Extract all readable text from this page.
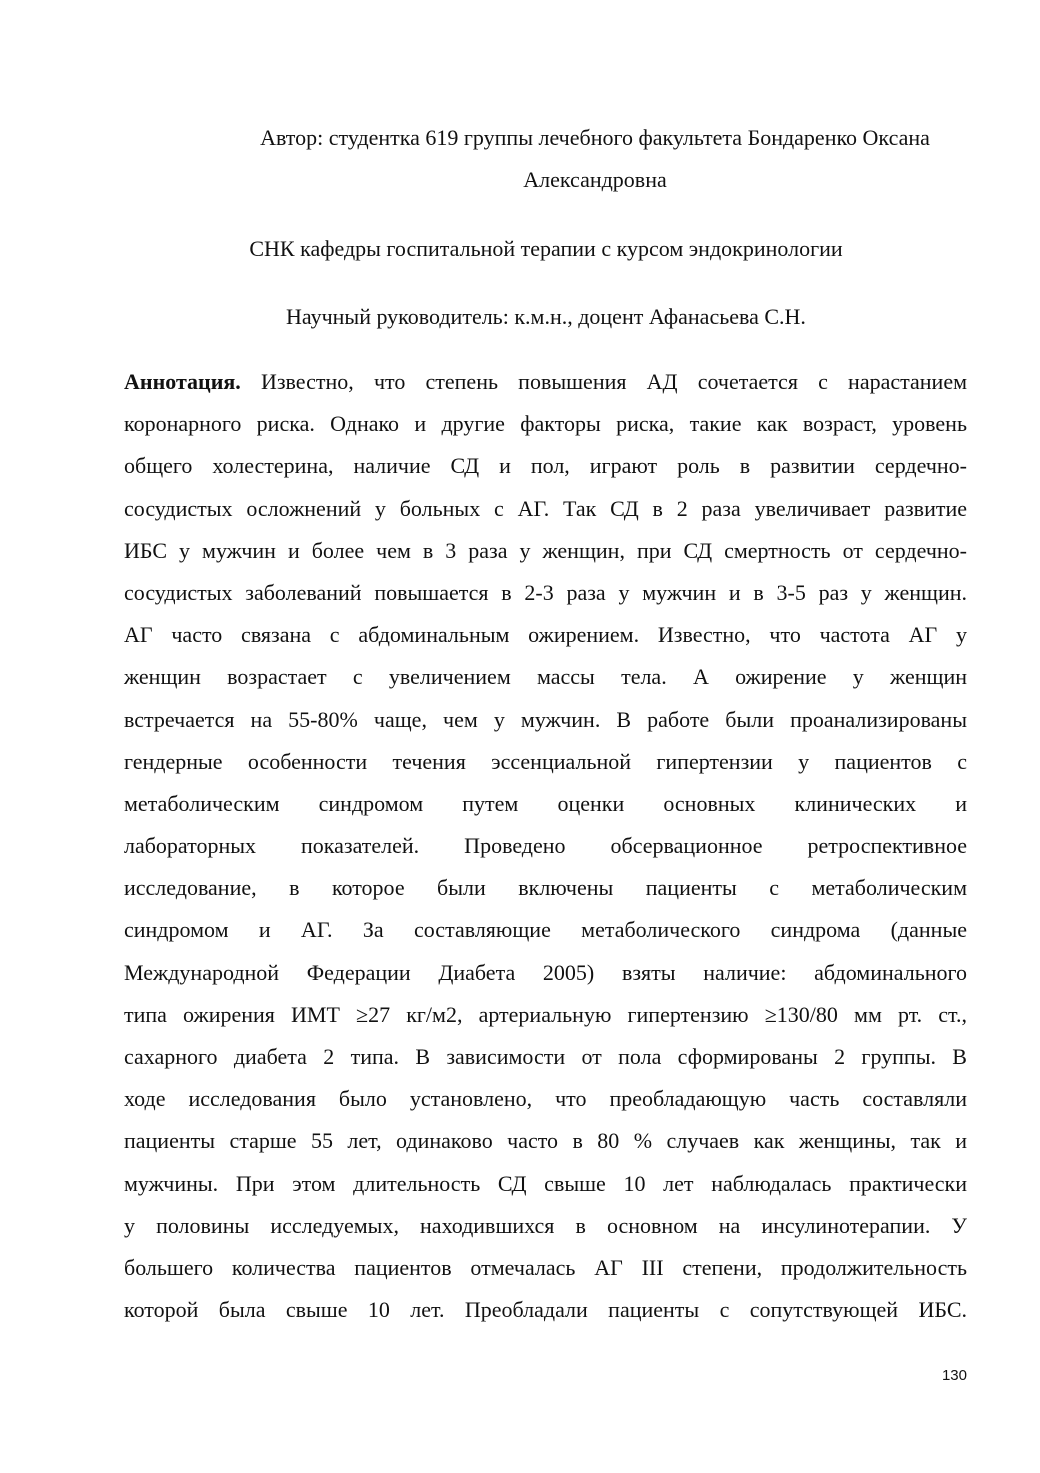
Автор: студентка 619 группы лечебного факультета Бондаренко Оксана
Александровна
СНК кафедры госпитальной терапии с курсом эндокринологии
Научный руководитель: к.м.н., доцент Афанасьева С.Н.
Аннотация. Известно, что степень повышения АД сочетается с нарастанием
коронарного риска. Однако и другие факторы риска, такие как возраст, уровень
общего холестерина, наличие СД и пол, играют роль в развитии сердечно-
сосудистых осложнений у больных с АГ. Так СД в 2 раза увеличивает развитие
ИБС у мужчин и более чем в 3 раза у женщин, при СД смертность от сердечно-
сосудистых заболеваний повышается в 2-3 раза у мужчин и в 3-5 раз у женщин.
АГ часто связана с абдоминальным ожирением. Известно, что частота АГ у
женщин возрастает с увеличением массы тела. А ожирение у женщин
встречается на 55-80% чаще, чем у мужчин. В работе были проанализированы
гендерные особенности течения эссенциальной гипертензии у пациентов с
метаболическим синдромом путем оценки основных клинических и
лабораторных показателей. Проведено обсервационное ретроспективное
исследование, в которое были включены пациенты с метаболическим
синдромом и АГ. За составляющие метаболического синдрома (данные
Международной Федерации Диабета 2005) взяты наличие: абдоминального
типа ожирения ИМТ ≥27 кг/м2, артериальную гипертензию ≥130/80 мм рт. ст.,
сахарного диабета 2 типа. В зависимости от пола сформированы 2 группы. В
ходе исследования было установлено, что преобладающую часть составляли
пациенты старше 55 лет, одинаково часто в 80 % случаев как женщины, так и
мужчины. При этом длительность СД свыше 10 лет наблюдалась практически
у половины исследуемых, находившихся в основном на инсулинотерапии. У
большего количества пациентов отмечалась АГ III степени, продолжительность
которой была свыше 10 лет. Преобладали пациенты с сопутствующей ИБС.
130
